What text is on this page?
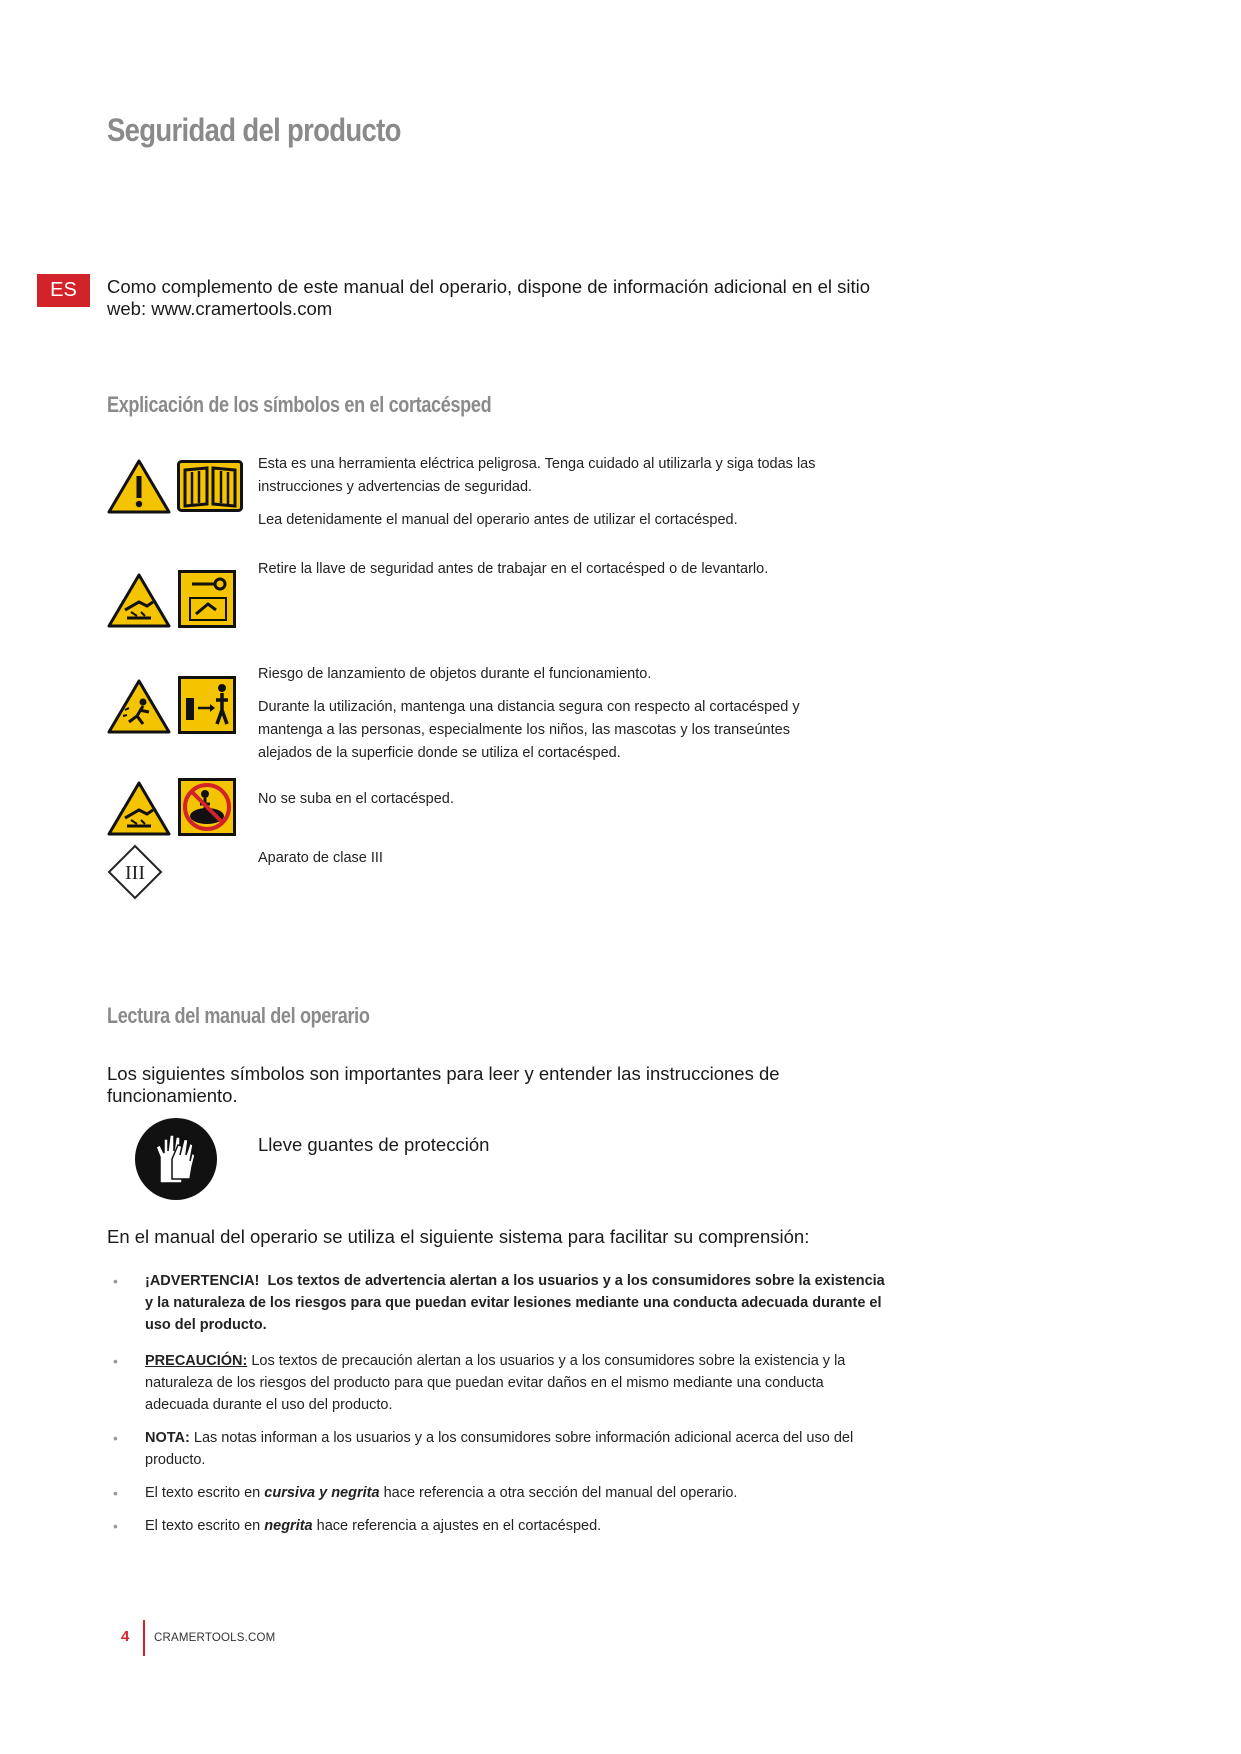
Seguridad del producto
ES	Como complemento de este manual del operario, dispone de información adicional en el sitio web: www.cramertools.com
Explicación de los símbolos en el cortacésped

Esta es una herramienta eléctrica peligrosa. Tenga cuidado al utilizarla y siga todas las instrucciones y advertencias de seguridad.

Lea detenidamente el manual del operario antes de utilizar el cortacésped.

Retire la llave de seguridad antes de trabajar en el cortacésped o de levantarlo.

Riesgo de lanzamiento de objetos durante el funcionamiento.

Durante la utilización, mantenga una distancia segura con respecto al cortacésped y mantenga a las personas, especialmente los niños, las mascotas y los transeúntes alejados de la superficie donde se utiliza el cortacésped.

No se suba en el cortacésped.

III

Aparato de clase III

Lectura del manual del operario
Los siguientes símbolos son importantes para leer y entender las instrucciones de funcionamiento.
Lleve guantes de protección
En el manual del operario se utiliza el siguiente sistema para facilitar su comprensión:
• ¡ADVERTENCIA! Los textos de advertencia alertan a los usuarios y a los consumidores sobre la existencia y la naturaleza de los riesgos para que puedan evitar lesiones mediante una conducta adecuada durante el uso del producto.
• PRECAUCIÓN: Los textos de precaución alertan a los usuarios y a los consumidores sobre la existencia y la naturaleza de los riesgos del producto para que puedan evitar daños en el mismo mediante una conducta adecuada durante el uso del producto.
• NOTA: Las notas informan a los usuarios y a los consumidores sobre información adicional acerca del uso del producto.
• El texto escrito en cursiva y negrita hace referencia a otra sección del manual del operario.
• El texto escrito en negrita hace referencia a ajustes en el cortacésped.
4 CRAMERTOOLS.COM
